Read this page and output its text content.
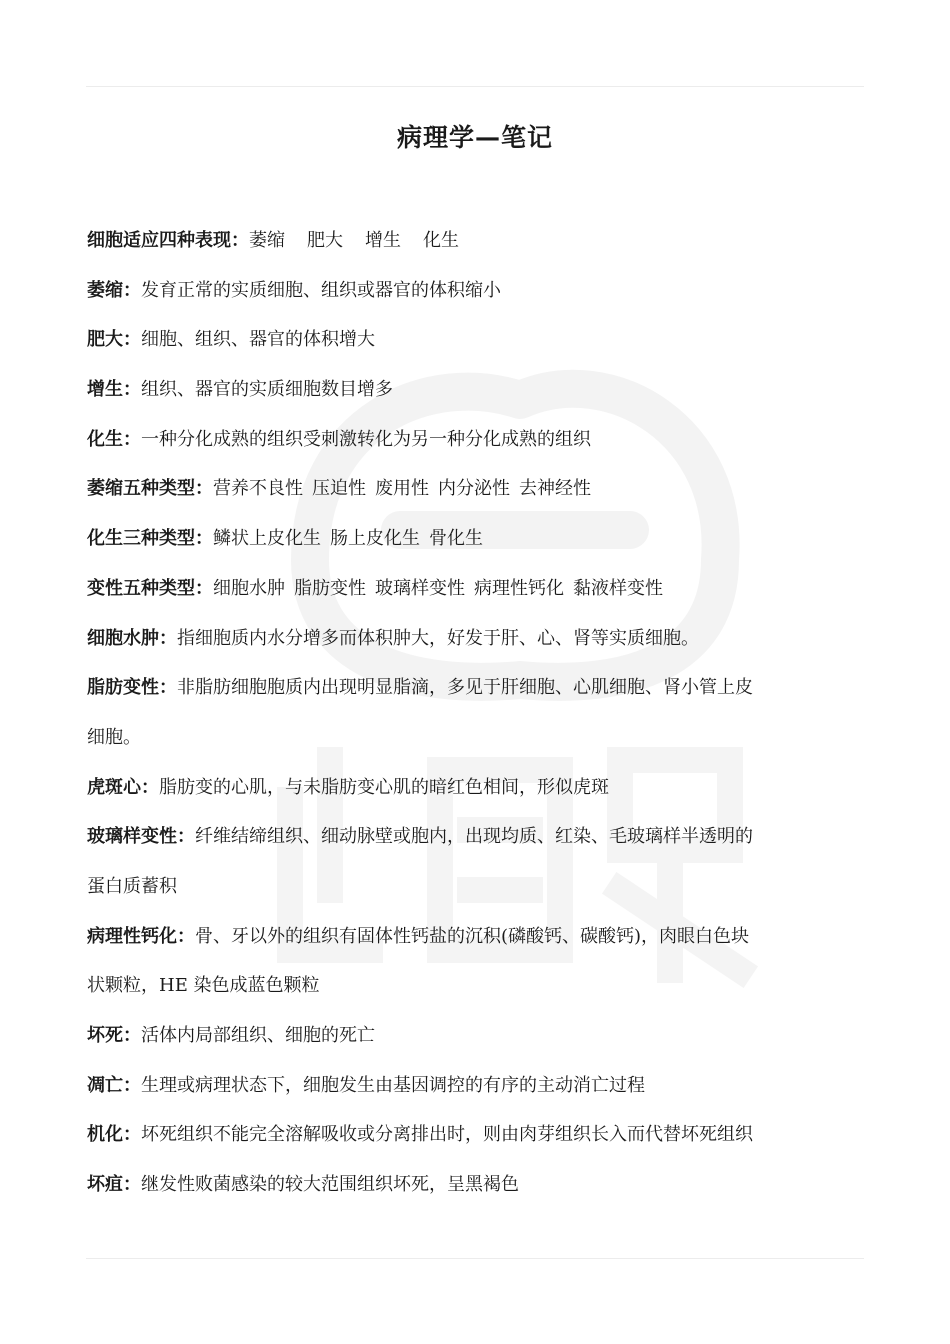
病理学—笔记
细胞适应四种表现：萎缩 肥大 增生 化生
萎缩：发育正常的实质细胞、组织或器官的体积缩小
肥大：细胞、组织、器官的体积增大
增生：组织、器官的实质细胞数目增多
化生：一种分化成熟的组织受刺激转化为另一种分化成熟的组织
萎缩五种类型：营养不良性 压迫性 废用性 内分泌性 去神经性
化生三种类型：鳞状上皮化生 肠上皮化生 骨化生
变性五种类型：细胞水肿 脂肪变性 玻璃样变性 病理性钙化 黏液样变性
细胞水肿：指细胞质内水分增多而体积肿大，好发于肝、心、肾等实质细胞。
脂肪变性：非脂肪细胞胞质内出现明显脂滴，多见于肝细胞、心肌细胞、肾小管上皮
细胞。
虎斑心：脂肪变的心肌，与未脂肪变心肌的暗红色相间，形似虎斑
玻璃样变性：纤维结缔组织、细动脉壁或胞内，出现均质、红染、毛玻璃样半透明的
蛋白质蓄积
病理性钙化：骨、牙以外的组织有固体性钙盐的沉积(磷酸钙、碳酸钙)，肉眼白色块
状颗粒，HE 染色成蓝色颗粒
坏死：活体内局部组织、细胞的死亡
凋亡：生理或病理状态下，细胞发生由基因调控的有序的主动消亡过程
机化：坏死组织不能完全溶解吸收或分离排出时，则由肉芽组织长入而代替坏死组织
坏疽：继发性败菌感染的较大范围组织坏死，呈黑褐色
